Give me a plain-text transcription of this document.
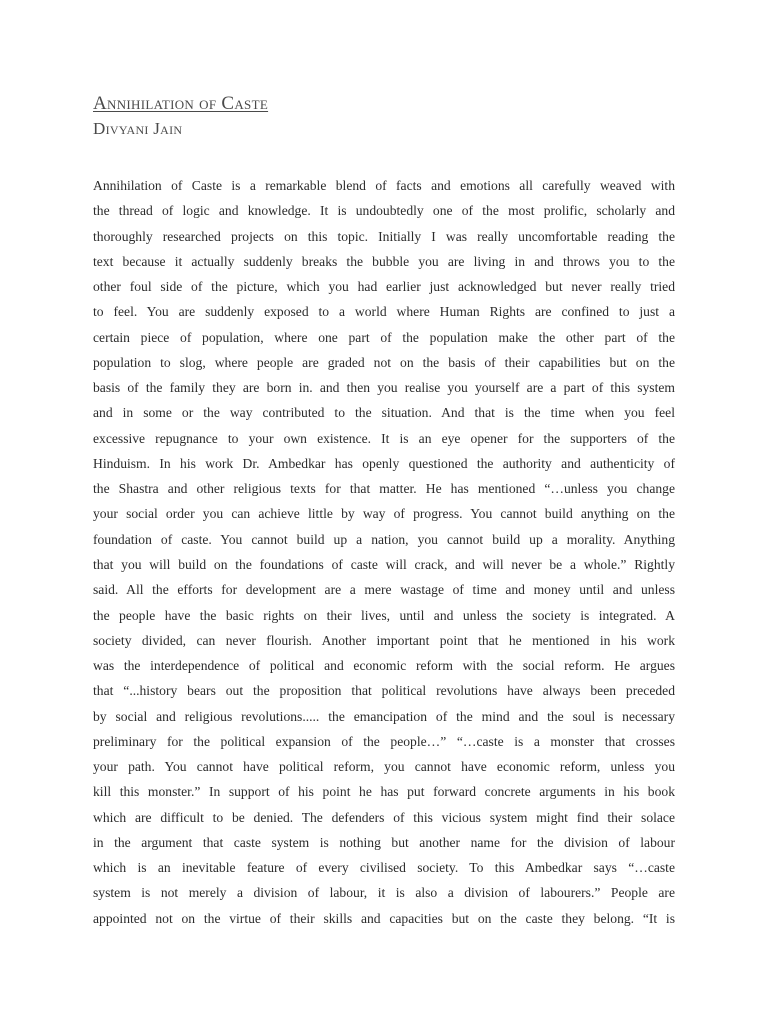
Annihilation of Caste
Divyani Jain
Annihilation of Caste is a remarkable blend of facts and emotions all carefully weaved with
the thread of logic and knowledge. It is undoubtedly one of the most prolific, scholarly and
thoroughly researched projects on this topic. Initially I was really uncomfortable reading the
text because it actually suddenly breaks the bubble you are living in and throws you to the
other foul side of the picture, which you had earlier just acknowledged but never really tried
to feel. You are suddenly exposed to a world where Human Rights are confined to just a
certain piece of population, where one part of the population make the other part of the
population to slog, where people are graded not on the basis of their capabilities but on the
basis of the family they are born in. and then you realise you yourself are a part of this system
and in some or the way contributed to the situation. And that is the time when you feel
excessive repugnance to your own existence. It is an eye opener for the supporters of the
Hinduism. In his work Dr. Ambedkar has openly questioned the authority and authenticity of
the Shastra and other religious texts for that matter. He has mentioned “…unless you change
your social order you can achieve little by way of progress. You cannot build anything on the
foundation of caste. You cannot build up a nation, you cannot build up a morality. Anything
that you will build on the foundations of caste will crack, and will never be a whole.” Rightly
said. All the efforts for development are a mere wastage of time and money until and unless
the people have the basic rights on their lives, until and unless the society is integrated. A
society divided, can never flourish. Another important point that he mentioned in his work
was the interdependence of political and economic reform with the social reform. He argues
that “...history bears out the proposition that political revolutions have always been preceded
by social and religious revolutions..... the emancipation of the mind and the soul is necessary
preliminary for the political expansion of the people…” “…caste is a monster that crosses
your path. You cannot have political reform, you cannot have economic reform, unless you
kill this monster.” In support of his point he has put forward concrete arguments in his book
which are difficult to be denied. The defenders of this vicious system might find their solace
in the argument that caste system is nothing but another name for the division of labour
which is an inevitable feature of every civilised society. To this Ambedkar says “…caste
system is not merely a division of labour, it is also a division of labourers.” People are
appointed not on the virtue of their skills and capacities but on the caste they belong. “It is
